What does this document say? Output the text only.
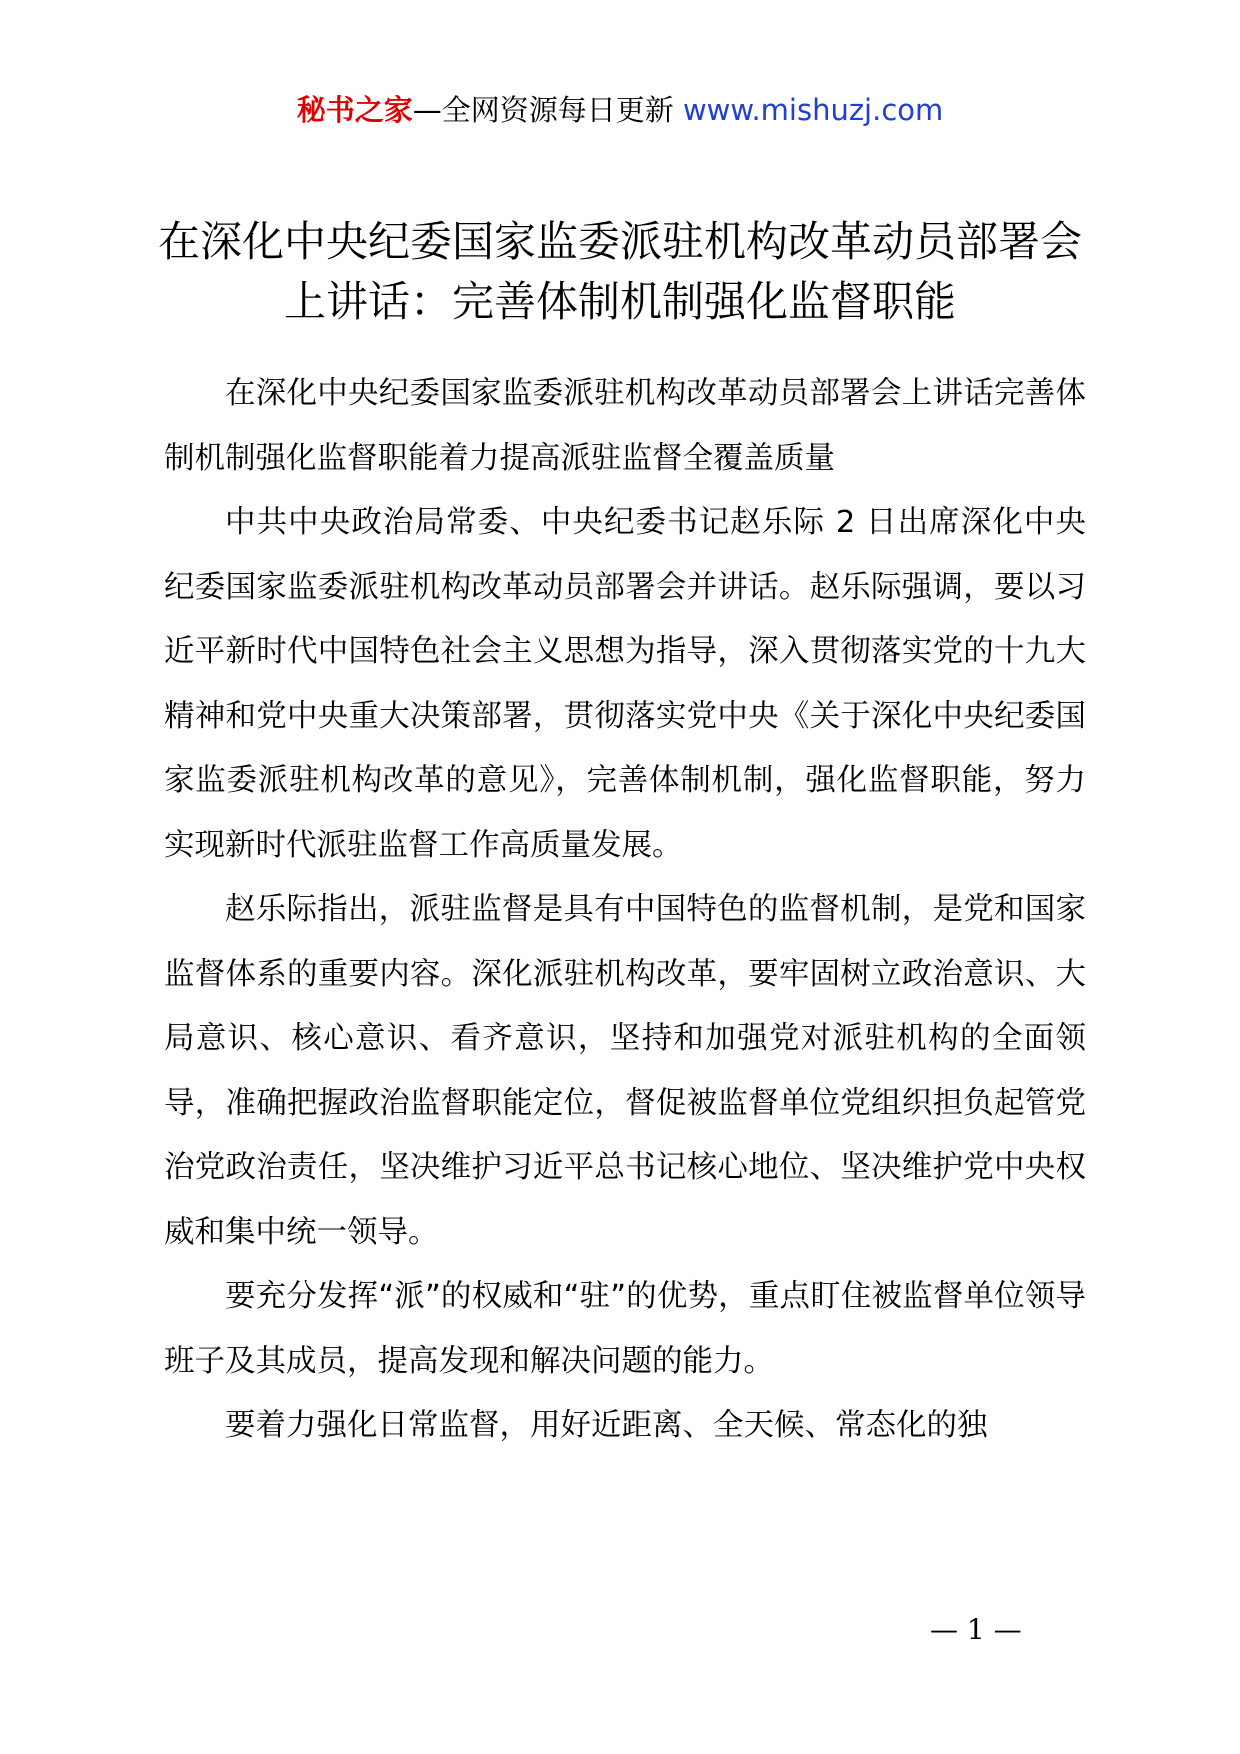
秘书之家—全网资源每日更新 www.mishuzj.com
在深化中央纪委国家监委派驻机构改革动员部署会上讲话：完善体制机制强化监督职能

在深化中央纪委国家监委派驻机构改革动员部署会上讲话完善体制机制强化监督职能着力提高派驻监督全覆盖质量

中共中央政治局常委、中央纪委书记赵乐际 2 日出席深化中央纪委国家监委派驻机构改革动员部署会并讲话。赵乐际强调，要以习近平新时代中国特色社会主义思想为指导，深入贯彻落实党的十九大精神和党中央重大决策部署，贯彻落实党中央《关于深化中央纪委国家监委派驻机构改革的意见》，完善体制机制，强化监督职能，努力实现新时代派驻监督工作高质量发展。

赵乐际指出，派驻监督是具有中国特色的监督机制，是党和国家监督体系的重要内容。深化派驻机构改革，要牢固树立政治意识、大局意识、核心意识、看齐意识，坚持和加强党对派驻机构的全面领导，准确把握政治监督职能定位，督促被监督单位党组织担负起管党治党政治责任，坚决维护习近平总书记核心地位、坚决维护党中央权威和集中统一领导。

要充分发挥“派”的权威和“驻”的优势，重点盯住被监督单位领导班子及其成员，提高发现和解决问题的能力。

要着力强化日常监督，用好近距离、全天候、常态化的独

— 1 —
